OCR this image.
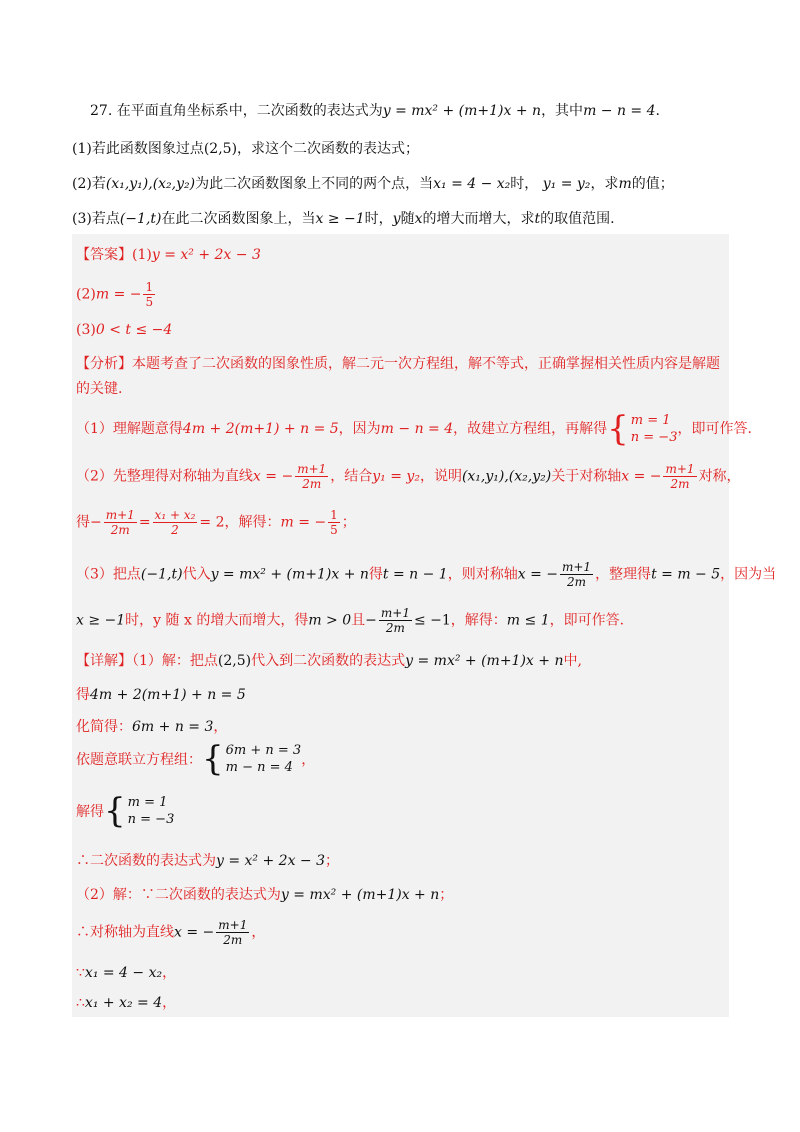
27. 在平面直角坐标系中，二次函数的表达式为y = mx² + (m+1)x + n，其中m − n = 4.
(1)若此函数图象过点(2,5)，求这个二次函数的表达式；
(2)若(x₁,y₁),(x₂,y₂)为此二次函数图象上不同的两个点，当x₁ = 4 − x₂时， y₁ = y₂，求m的值；
(3)若点(−1,t)在此二次函数图象上，当x ≥ −1时，y随x的增大而增大，求t的取值范围.
【答案】(1)y = x² + 2x − 3
(2)m = − $\frac{1}{5}$
(3)0 < t ≤ −4
【分析】本题考查了二次函数的图象性质，解二元一次方程组，解不等式，正确掌握相关性质内容是解题
的关键.
（1）理解题意得4m + 2(m+1) + n = 5，因为m − n = 4，故建立方程组，再解得 { m = 1
n = −3
，即可作答.
（2）先整理得对称轴为直线x = − $\frac{m+1}{2m}$ ，结合y₁ = y₂，说明(x₁,y₁),(x₂,y₂)关于对称轴x = − $\frac{m+1}{2m}$ 对称，
得− $\frac{m+1}{2m} = \frac{\text{x₁ + x₂}}{2} = 2$，解得：m = − $\frac{1}{5}$ ；
（3）把点(−1,t)代入y = mx² + (m+1)x + n得t = n − 1，则对称轴x = − $\frac{m+1}{2m}$ ，整理得t = m − 5，因为当
x ≥ −1时，y 随 x 的增大而增大，得m > 0且− $\frac{m+1}{2m} \le -1$，解得：m ≤ 1，即可作答.
【详解】（1）解：把点(2,5)代入到二次函数的表达式y = mx² + (m+1)x + n中,
得4m + 2(m+1) + n = 5
化简得：6m + n = 3，
依题意联立方程组： { 6m + n = 3
m − n = 4 ，
解得 { m = 1
n = −3
∴二次函数的表达式为y = x² + 2x − 3；
（2）解：∵二次函数的表达式为y = mx² + (m+1)x + n；
∴对称轴为直线x = − $\frac{m+1}{2m}$ ，
∵x₁ = 4 − x₂，
∴x₁ + x₂ = 4，
